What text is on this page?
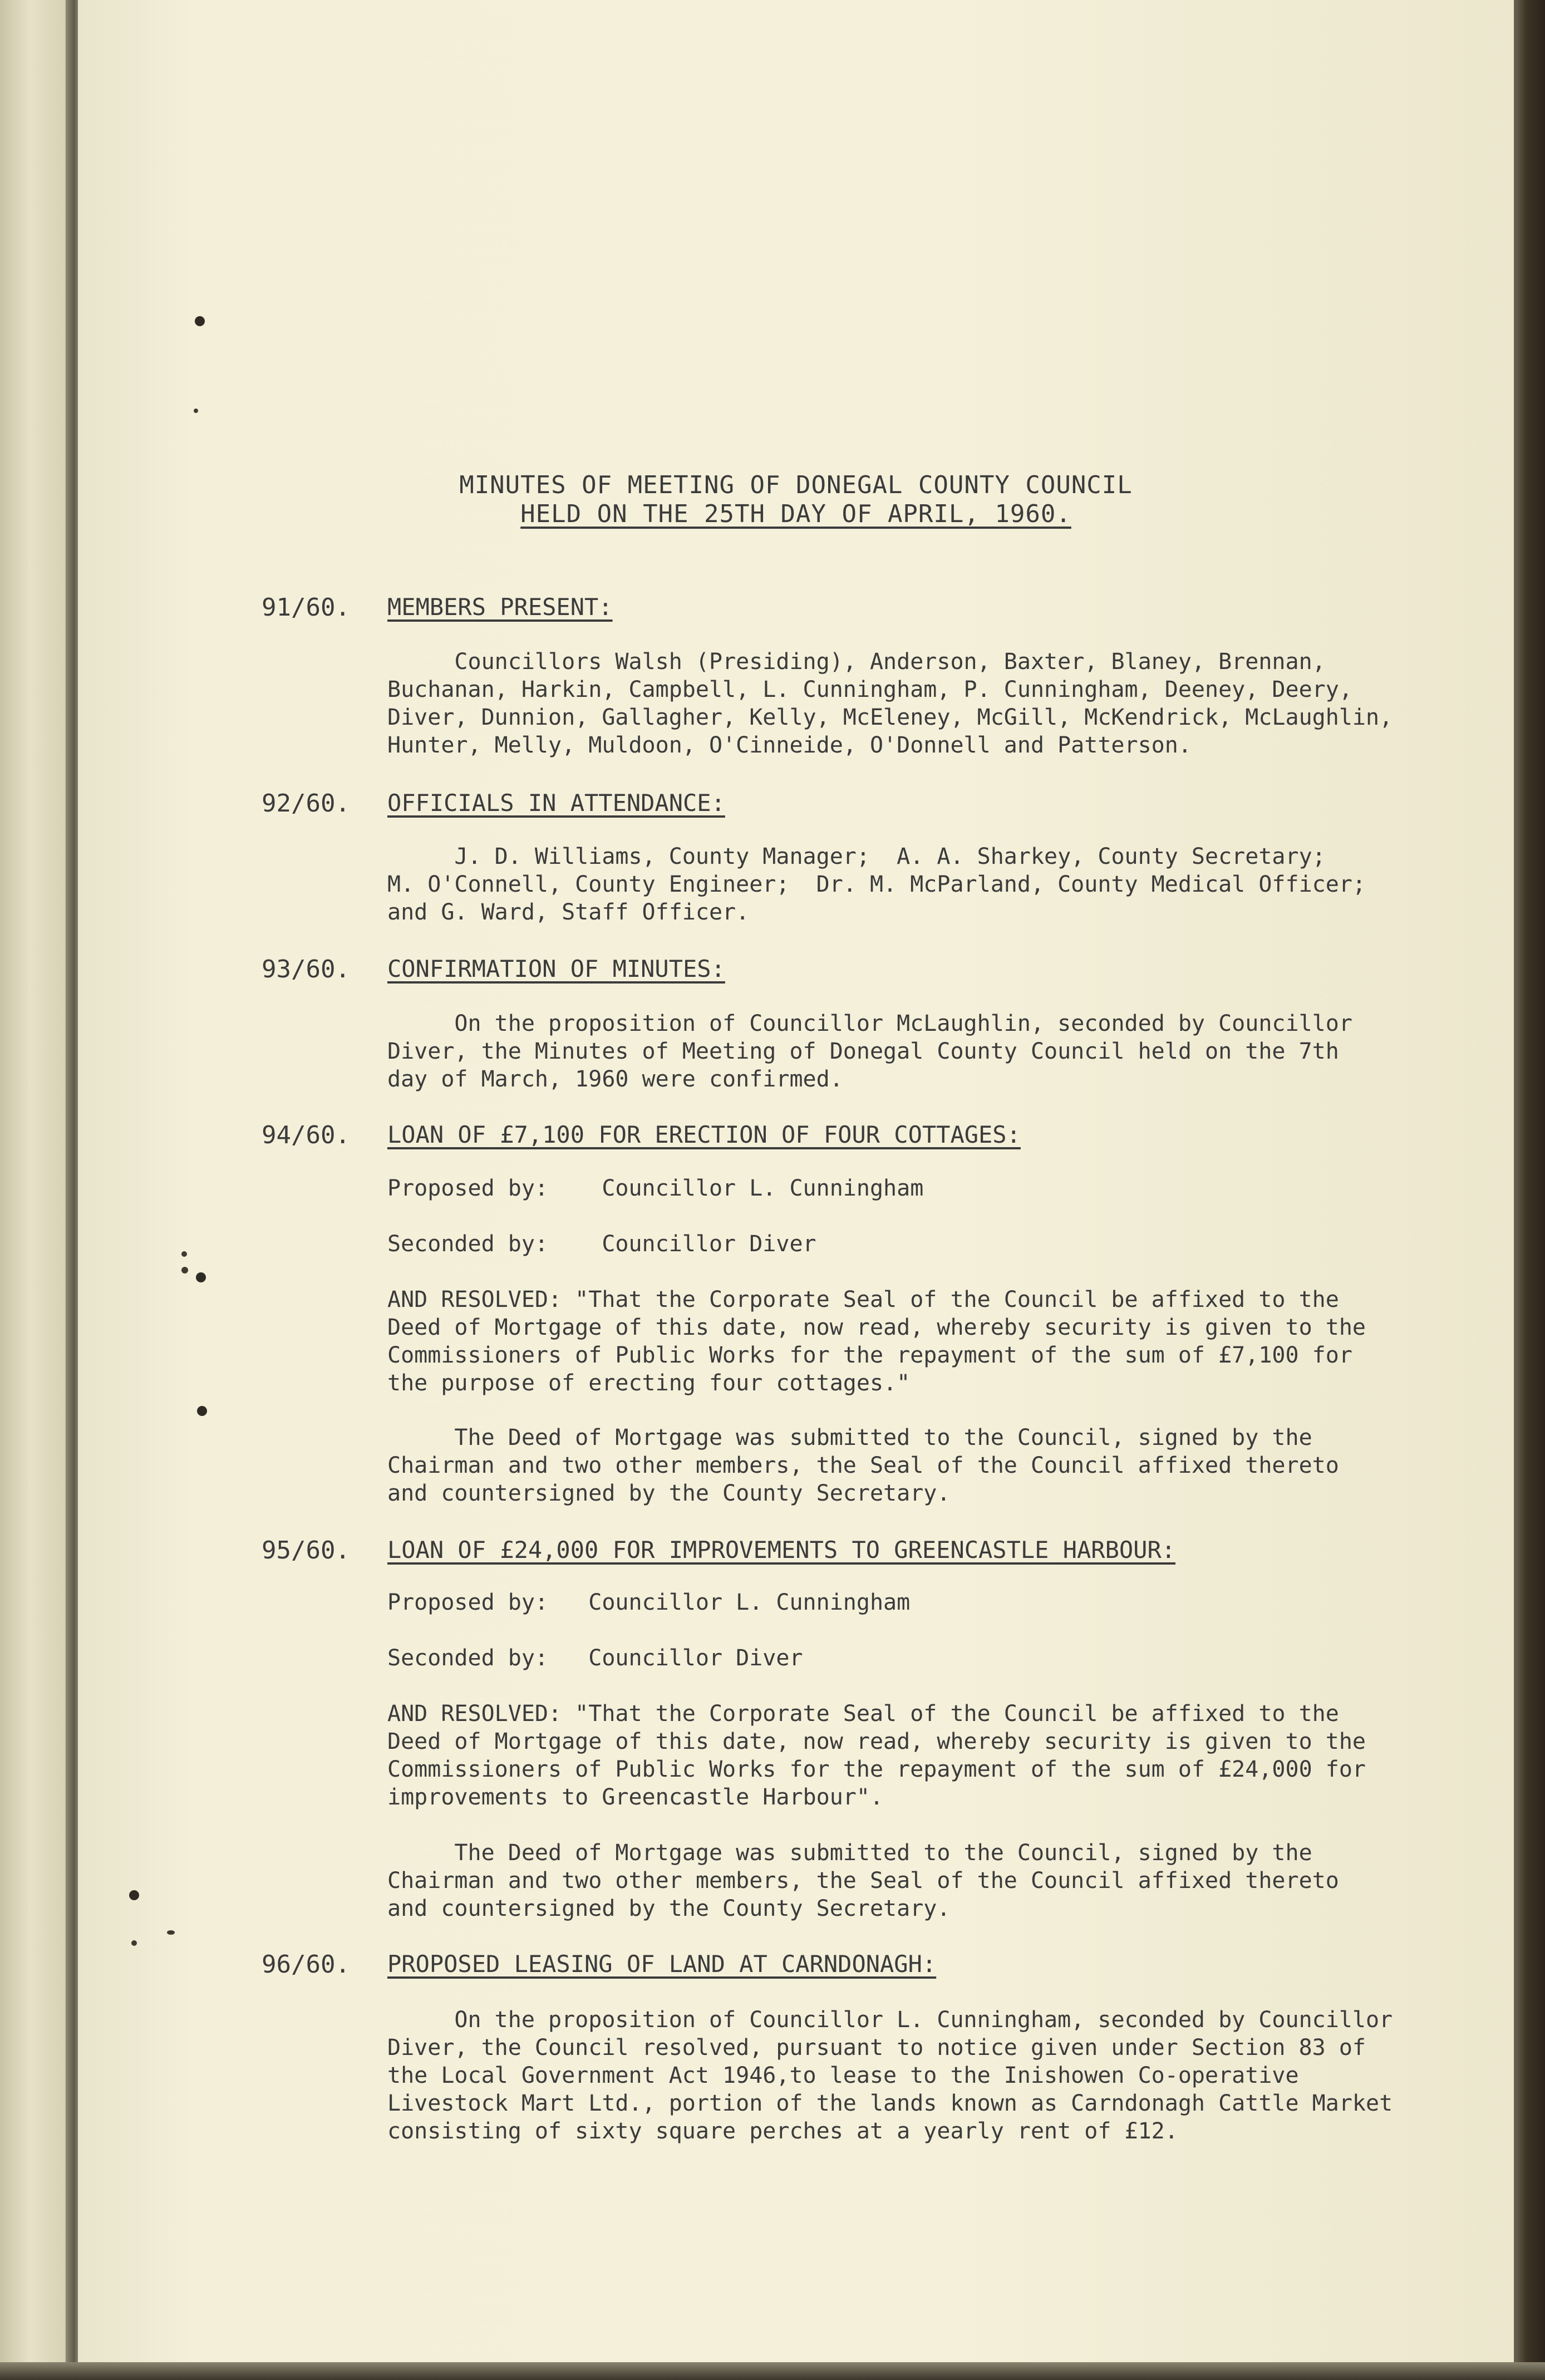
MINUTES OF MEETING OF DONEGAL COUNTY COUNCIL
HELD ON THE 25TH DAY OF APRIL, 1960.
91/60. MEMBERS PRESENT:
Councillors Walsh (Presiding), Anderson, Baxter, Blaney, Brennan,
Buchanan, Harkin, Campbell, L. Cunningham, P. Cunningham, Deeney, Deery,
Diver, Dunnion, Gallagher, Kelly, McEleney, McGill, McKendrick, McLaughlin,
Hunter, Melly, Muldoon, O'Cinneide, O'Donnell and Patterson.
92/60. OFFICIALS IN ATTENDANCE:
J. D. Williams, County Manager;  A. A. Sharkey, County Secretary;
M. O'Connell, County Engineer;  Dr. M. McParland, County Medical Officer;
and G. Ward, Staff Officer.
93/60. CONFIRMATION OF MINUTES:
On the proposition of Councillor McLaughlin, seconded by Councillor
Diver, the Minutes of Meeting of Donegal County Council held on the 7th
day of March, 1960 were confirmed.
94/60. LOAN OF £7,100 FOR ERECTION OF FOUR COTTAGES:
Proposed by:    Councillor L. Cunningham
Seconded by:    Councillor Diver
AND RESOLVED: "That the Corporate Seal of the Council be affixed to the
Deed of Mortgage of this date, now read, whereby security is given to the
Commissioners of Public Works for the repayment of the sum of £7,100 for
the purpose of erecting four cottages."
The Deed of Mortgage was submitted to the Council, signed by the
Chairman and two other members, the Seal of the Council affixed thereto
and countersigned by the County Secretary.
95/60. LOAN OF £24,000 FOR IMPROVEMENTS TO GREENCASTLE HARBOUR:
Proposed by:   Councillor L. Cunningham
Seconded by:   Councillor Diver
AND RESOLVED: "That the Corporate Seal of the Council be affixed to the
Deed of Mortgage of this date, now read, whereby security is given to the
Commissioners of Public Works for the repayment of the sum of £24,000 for
improvements to Greencastle Harbour".
The Deed of Mortgage was submitted to the Council, signed by the
Chairman and two other members, the Seal of the Council affixed thereto
and countersigned by the County Secretary.
96/60. PROPOSED LEASING OF LAND AT CARNDONAGH:
On the proposition of Councillor L. Cunningham, seconded by Councillor
Diver, the Council resolved, pursuant to notice given under Section 83 of
the Local Government Act 1946,to lease to the Inishowen Co-operative
Livestock Mart Ltd., portion of the lands known as Carndonagh Cattle Market
consisting of sixty square perches at a yearly rent of £12.
